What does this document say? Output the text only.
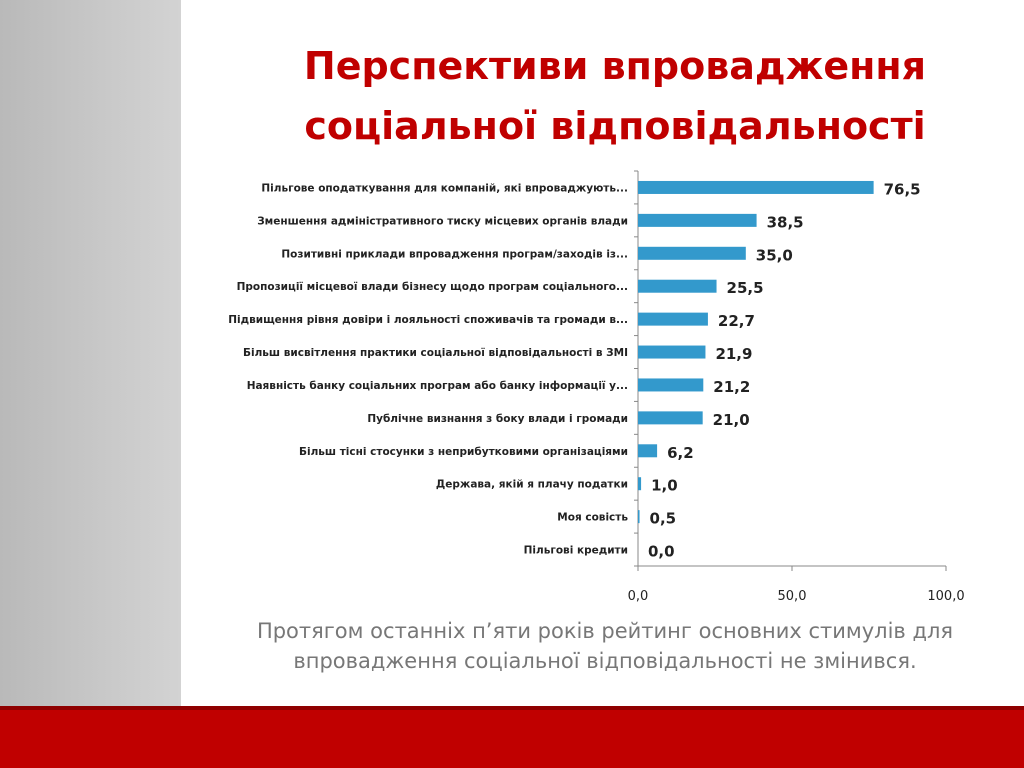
Перспективи впровадження
соціальної відповідальності
Пільгове оподаткування для компаній, які впроваджують...	76,5
Зменшення адміністративного тиску місцевих органів влади	38,5
Позитивні приклади впровадження програм/заходів із...	35,0
Пропозиції місцевої влади бізнесу щодо програм соціального...	25,5
Підвищення рівня довіри і лояльності споживачів та громади в...	22,7
Більш висвітлення практики соціальної відповідальності в ЗМІ	21,9
Наявність банку соціальних програм або банку інформації у...	21,2
Публічне визнання з боку влади і громади	21,0
Більш тісні стосунки з неприбутковими організаціями	6,2
Держава, якій я плачу податки 1,0
Моя совість 0,5
Пільгові кредити 0,0
0,0	50,0	100,0
Протягом останніх п’яти років рейтинг основних стимулів для
впровадження соціальної відповідальності не змінився.
